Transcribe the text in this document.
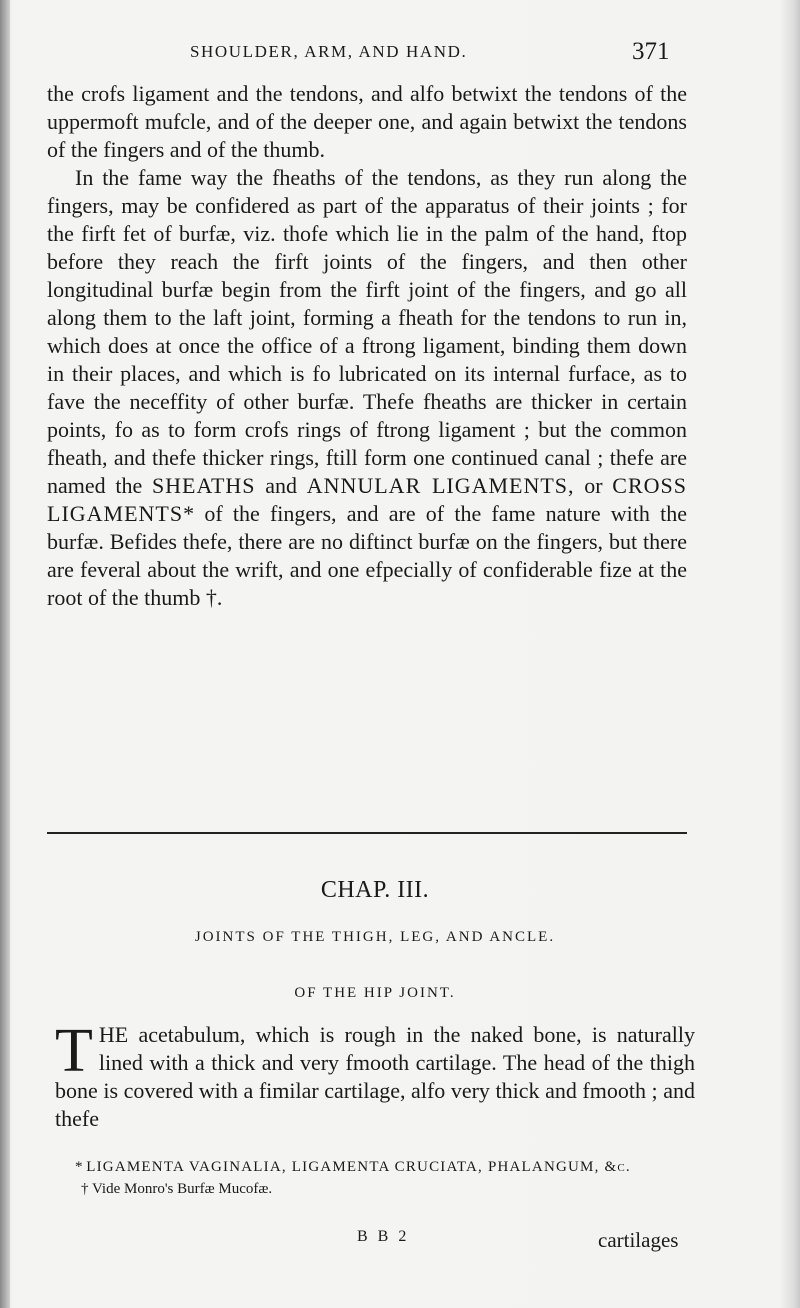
SHOULDER, ARM, AND HAND.	371

the crofs ligament and the tendons, and alfo betwixt the tendons of the uppermoft mufcle, and of the deeper one, and again betwixt the tendons of the fingers and of the thumb.

In the fame way the fheaths of the tendons, as they run along the fingers, may be confidered as part of the apparatus of their joints ; for the firft fet of burfæ, viz. thofe which lie in the palm of the hand, ftop before they reach the firft joints of the fingers, and then other longitudinal burfæ begin from the firft joint of the fingers, and go all along them to the laft joint, forming a fheath for the tendons to run in, which does at once the office of a ftrong ligament, binding them down in their places, and which is fo lubricated on its internal furface, as to fave the neceffity of other burfæ. Thefe fheaths are thicker in certain points, fo as to form crofs rings of ftrong ligament ; but the common fheath, and thefe thicker rings, ftill form one continued canal ; thefe are named the SHEATHS and ANNULAR LIGAMENTS, or CROSS LIGAMENTS* of the fingers, and are of the fame nature with the burfæ. Befides thefe, there are no diftinct burfæ on the fingers, but there are feveral about the wrift, and one efpecially of confiderable fize at the root of the thumb †.

CHAP. III.
JOINTS OF THE THIGH, LEG, AND ANCLE.
OF THE HIP JOINT.
THE acetabulum, which is rough in the naked bone, is naturally lined with a thick and very fmooth cartilage. The head of the thigh bone is covered with a fimilar cartilage, alfo very thick and fmooth ; and thefe

* LIGAMENTA VAGINALIA, LIGAMENTA CRUCIATA, PHALANGUM, &c.

† Vide Monro's Burfæ Mucofæ.

B B 2	cartilages
